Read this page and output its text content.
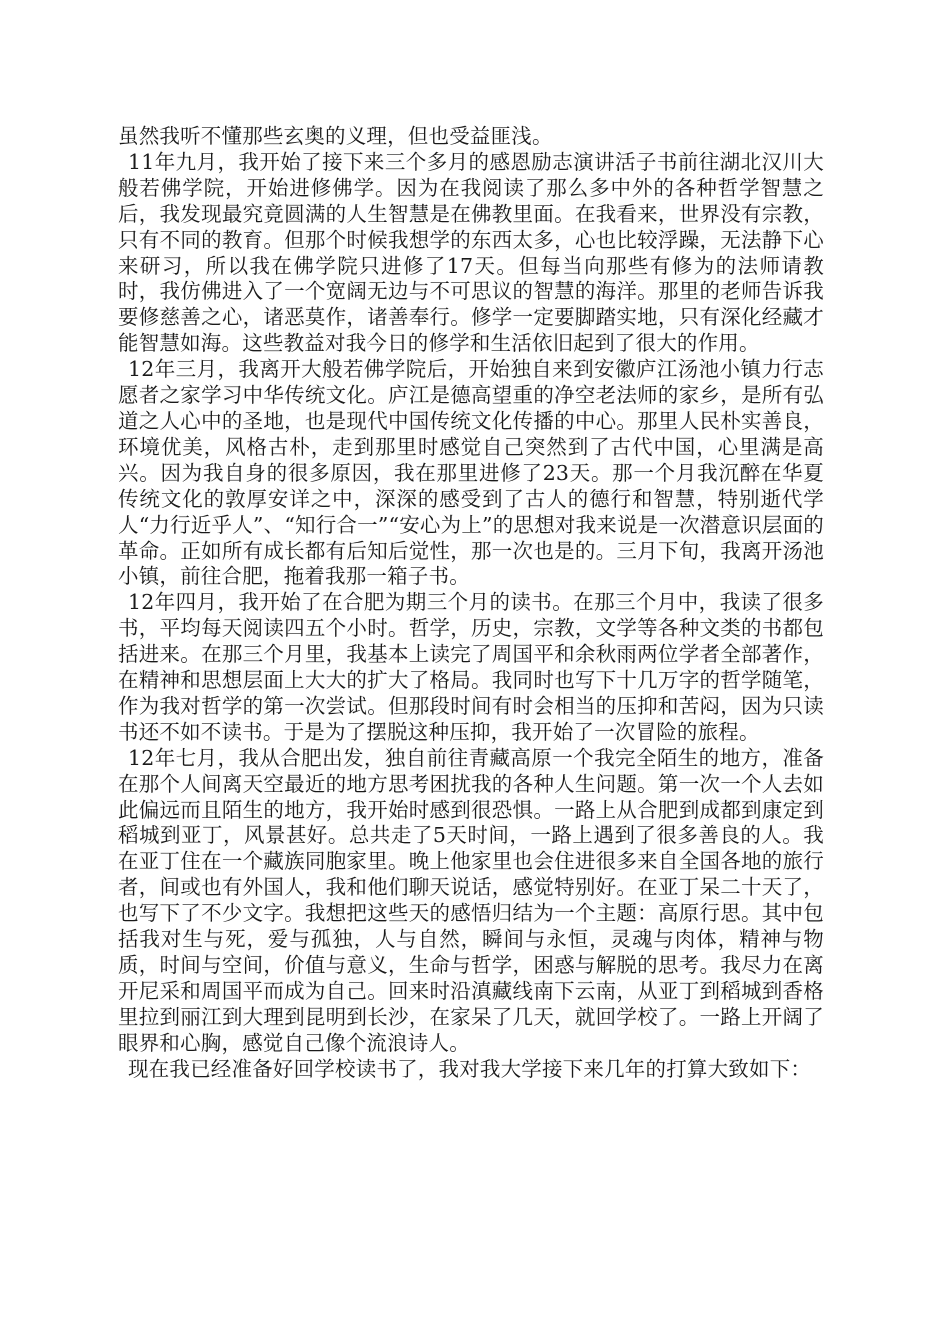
虽然我听不懂那些玄奥的义理，但也受益匪浅。

11年九月，我开始了接下来三个多月的感恩励志演讲活子书前往湖北汉川大般若佛学院，开始进修佛学。因为在我阅读了那么多中外的各种哲学智慧之后，我发现最究竟圆满的人生智慧是在佛教里面。在我看来，世界没有宗教，只有不同的教育。但那个时候我想学的东西太多，心也比较浮躁，无法静下心来研习，所以我在佛学院只进修了17天。但每当向那些有修为的法师请教时，我仿佛进入了一个宽阔无边与不可思议的智慧的海洋。那里的老师告诉我要修慈善之心，诸恶莫作，诸善奉行。修学一定要脚踏实地，只有深化经藏才能智慧如海。这些教益对我今日的修学和生活依旧起到了很大的作用。

12年三月，我离开大般若佛学院后，开始独自来到安徽庐江汤池小镇力行志愿者之家学习中华传统文化。庐江是德高望重的净空老法师的家乡，是所有弘道之人心中的圣地，也是现代中国传统文化传播的中心。那里人民朴实善良，环境优美，风格古朴，走到那里时感觉自己突然到了古代中国，心里满是高兴。因为我自身的很多原因，我在那里进修了23天。那一个月我沉醉在华夏传统文化的敦厚安详之中，深深的感受到了古人的德行和智慧，特别逝代学人“力行近乎人”、“知行合一”“安心为上”的思想对我来说是一次潜意识层面的革命。正如所有成长都有后知后觉性，那一次也是的。三月下旬，我离开汤池小镇，前往合肥，拖着我那一箱子书。

12年四月，我开始了在合肥为期三个月的读书。在那三个月中，我读了很多书，平均每天阅读四五个小时。哲学，历史，宗教，文学等各种文类的书都包括进来。在那三个月里，我基本上读完了周国平和余秋雨两位学者全部著作，在精神和思想层面上大大的扩大了格局。我同时也写下十几万字的哲学随笔，作为我对哲学的第一次尝试。但那段时间有时会相当的压抑和苦闷，因为只读书还不如不读书。于是为了摆脱这种压抑，我开始了一次冒险的旅程。

12年七月，我从合肥出发，独自前往青藏高原一个我完全陌生的地方，准备在那个人间离天空最近的地方思考困扰我的各种人生问题。第一次一个人去如此偏远而且陌生的地方，我开始时感到很恐惧。一路上从合肥到成都到康定到稻城到亚丁，风景甚好。总共走了5天时间，一路上遇到了很多善良的人。我在亚丁住在一个藏族同胞家里。晚上他家里也会住进很多来自全国各地的旅行者，间或也有外国人，我和他们聊天说话，感觉特别好。在亚丁呆二十天了，也写下了不少文字。我想把这些天的感悟归结为一个主题：高原行思。其中包括我对生与死，爱与孤独，人与自然，瞬间与永恒，灵魂与肉体，精神与物质，时间与空间，价值与意义，生命与哲学，困惑与解脱的思考。我尽力在离开尼采和周国平而成为自己。回来时沿滇藏线南下云南，从亚丁到稻城到香格里拉到丽江到大理到昆明到长沙，在家呆了几天，就回学校了。一路上开阔了眼界和心胸，感觉自己像个流浪诗人。

现在我已经准备好回学校读书了，我对我大学接下来几年的打算大致如下：
